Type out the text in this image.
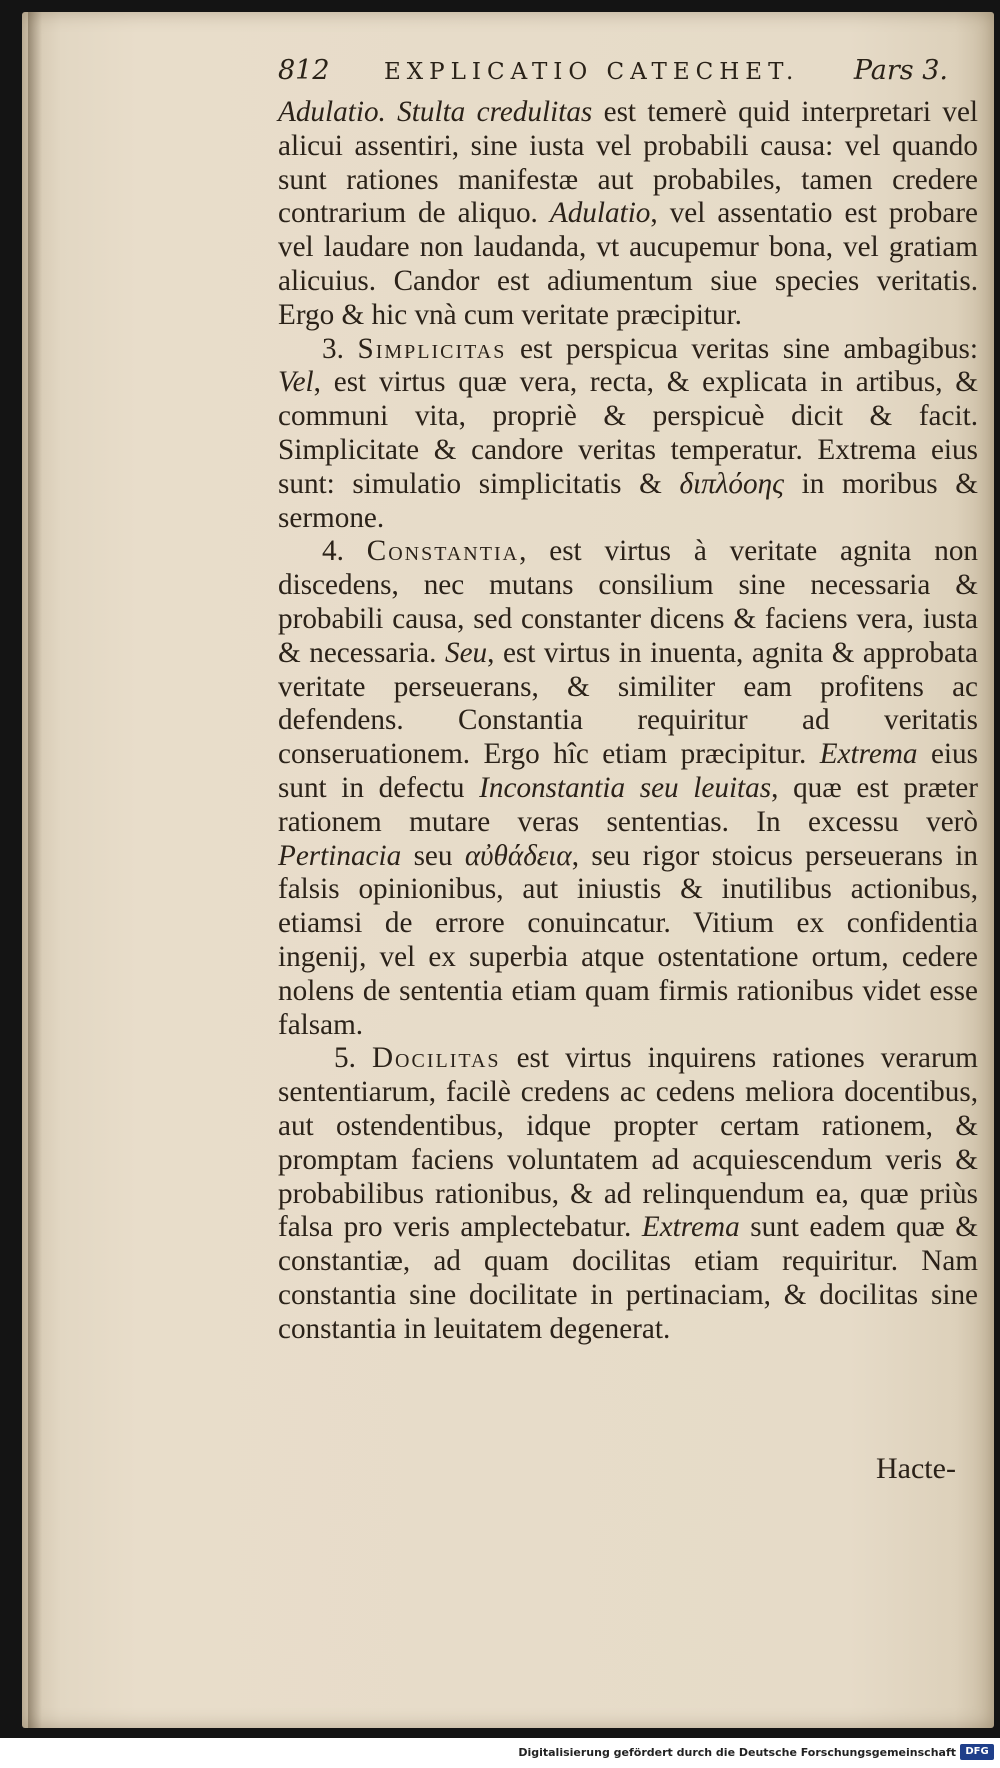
812 EXPLICATIO CATECHET. Pars 3.

Adulatio. Stulta credulitas est temerè quid interpretari vel alicui assentiri, sine iusta vel probabili causa: vel quando sunt rationes manifestæ aut probabiles, tamen credere contrarium de aliquo. Adulatio, vel assentatio est probare vel laudare non laudanda, vt aucupemur bona, vel gratiam alicuius. Candor est adiumentum siue species veritatis. Ergo & hic vnà cum veritate præcipitur.

3. Simplicitas est perspicua veritas sine ambagibus: Vel, est virtus quæ vera, recta, & explicata in artibus, & communi vita, propriè & perspicuè dicit & facit. Simplicitate & candore veritas temperatur. Extrema eius sunt: simulatio simplicitatis & διπλόοης in moribus & sermone.

4. Constantia, est virtus à veritate agnita non discedens, nec mutans consilium sine necessaria & probabili causa, sed constanter dicens & faciens vera, iusta & necessaria. Seu, est virtus in inuenta, agnita & approbata veritate perseuerans, & similiter eam profitens ac defendens. Constantia requiritur ad veritatis conseruationem. Ergo hîc etiam præcipitur. Extrema eius sunt in defectu Inconstantia seu leuitas, quæ est præter rationem mutare veras sententias. In excessu verò Pertinacia seu αὐθάδεια, seu rigor stoicus perseuerans in falsis opinionibus, aut iniustis & inutilibus actionibus, etiamsi de errore conuincatur. Vitium ex confidentia ingenij, vel ex superbia atque ostentatione ortum, cedere nolens de sententia etiam quam firmis rationibus videt esse falsam.

5. Docilitas est virtus inquirens rationes verarum sententiarum, facilè credens ac cedens meliora docentibus, aut ostendentibus, idque propter certam rationem, & promptam faciens voluntatem ad acquiescendum veris & probabilibus rationibus, & ad relinquendum ea, quæ priùs falsa pro veris amplectebatur. Extrema sunt eadem quæ & constantiæ, ad quam docilitas etiam requiritur. Nam constantia sine docilitate in pertinaciam, & docilitas sine constantia in leuitatem degenerat.

Hacte-
Digitalisierung gefördert durch die Deutsche Forschungsgemeinschaft DFG
